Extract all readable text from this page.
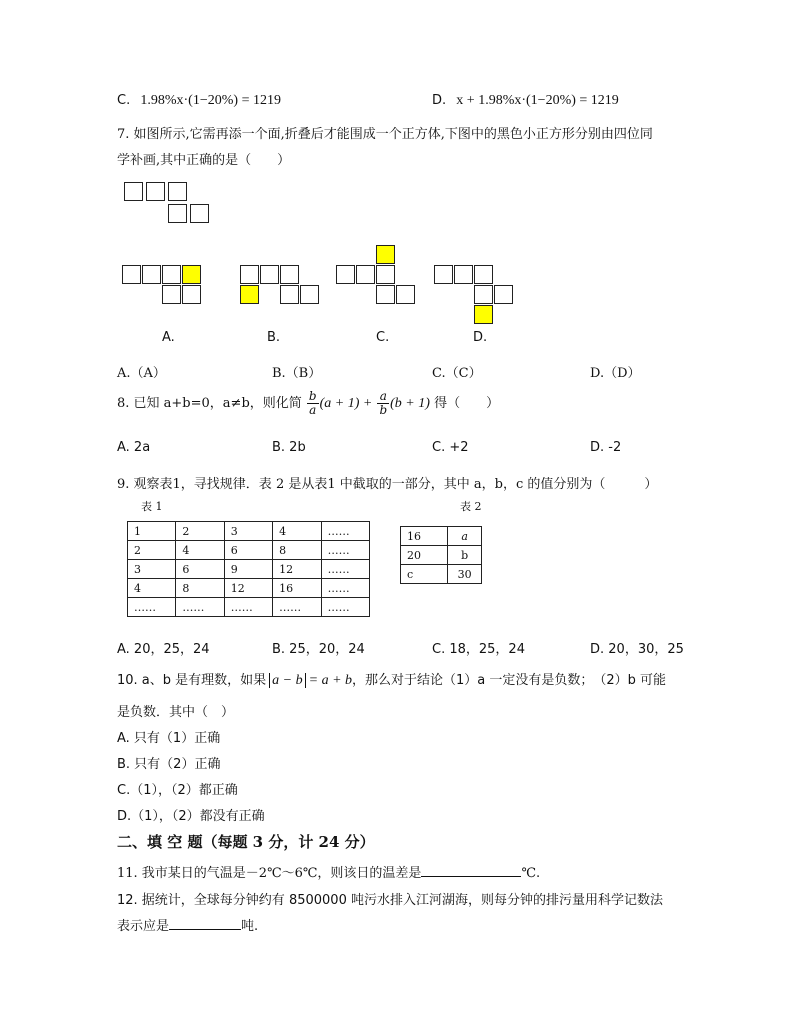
C. 1.98%x·(1−20%) = 1219	D. x + 1.98%x·(1−20%) = 1219
7. 如图所示,它需再添一个面,折叠后才能围成一个正方体,下图中的黑色小正方形分别由四位同
学补画,其中正确的是（　　）
A.	B.	C.	D.
A.（A）	B.（B）	C.（C）	D.（D）
8. 已知 a+b=0，a≠b，则化简 $\frac{b}{a} (a + 1) + \frac{a}{b} (b + 1)$ 得（　　）
A. 2a	B. 2b	C. +2	D. -2
9. 观察表1，寻找规律．表 2 是从表1 中截取的一部分，其中 a，b，c 的值分别为（　　　）
表 1	表 2
1	2	3	4	……
2	4	6	8	……
3	6	9	12	……
4	8	12	16	……
……	……	……	……	……
16	a
20	b
c	30
A. 20，25，24	B. 25，20，24	C. 18，25，24	D. 20，30，25
10. a、b 是有理数，如果 a − b = a + b，那么对于结论（1）a 一定没有是负数；　（2）b 可能
是负数．其中（　）
A. 只有（1）正确
B. 只有（2）正确
C.（1），（2）都正确
D.（1），（2）都没有正确
二、填 空 题（每题 3 分，计 24 分）
11. 我市某日的气温是－2℃～6℃，则该日的温差是	℃.
12. 据统计，全球每分钟约有 8500000 吨污水排入江河湖海，则每分钟的排污量用科学记数法
表示应是	吨.
